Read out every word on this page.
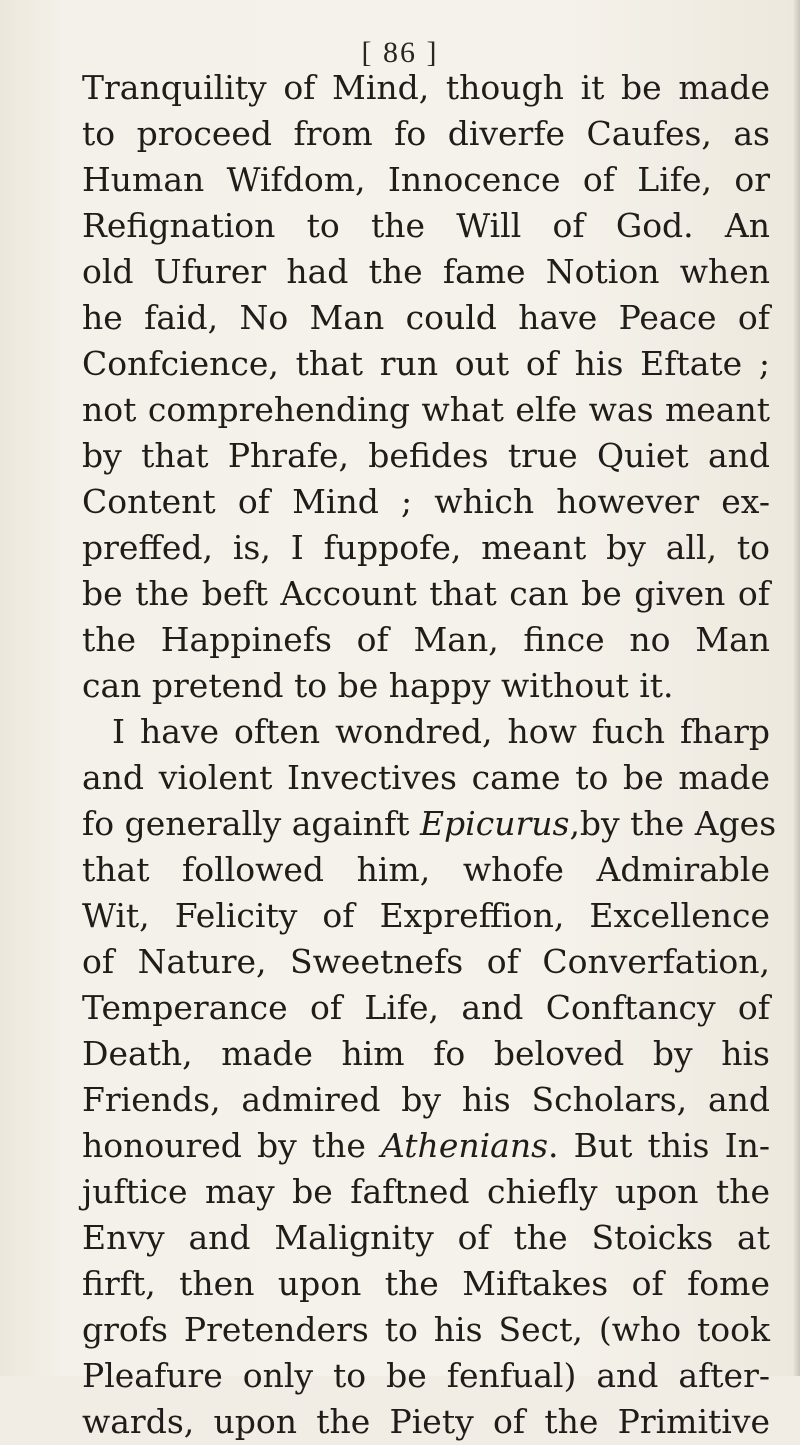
[ 86 ]
Tranquility of Mind, though it be made
to proceed from fo diverfe Caufes, as
Human Wifdom, Innocence of Life, or
Refignation to the Will of God. An
old Ufurer had the fame Notion when
he faid, No Man could have Peace of
Confcience, that run out of his Eftate ;
not comprehending what elfe was meant
by that Phrafe, befides true Quiet and
Content of Mind ; which however ex-
preffed, is, I fuppofe, meant by all, to
be the beft Account that can be given of
the Happinefs of Man, fince no Man
can pretend to be happy without it.
I have often wondred, how fuch fharp
and violent Invectives came to be made
fo generally againft Epicurus,by the Ages
that followed him, whofe Admirable
Wit, Felicity of Expreffion, Excellence
of Nature, Sweetnefs of Converfation,
Temperance of Life, and Conftancy of
Death, made him fo beloved by his
Friends, admired by his Scholars, and
honoured by the Athenians. But this In-
juftice may be faftned chiefly upon the
Envy and Malignity of the Stoicks at
firft, then upon the Miftakes of fome
grofs Pretenders to his Sect, (who took
Pleafure only to be fenfual) and after-
wards, upon the Piety of the Primitive
